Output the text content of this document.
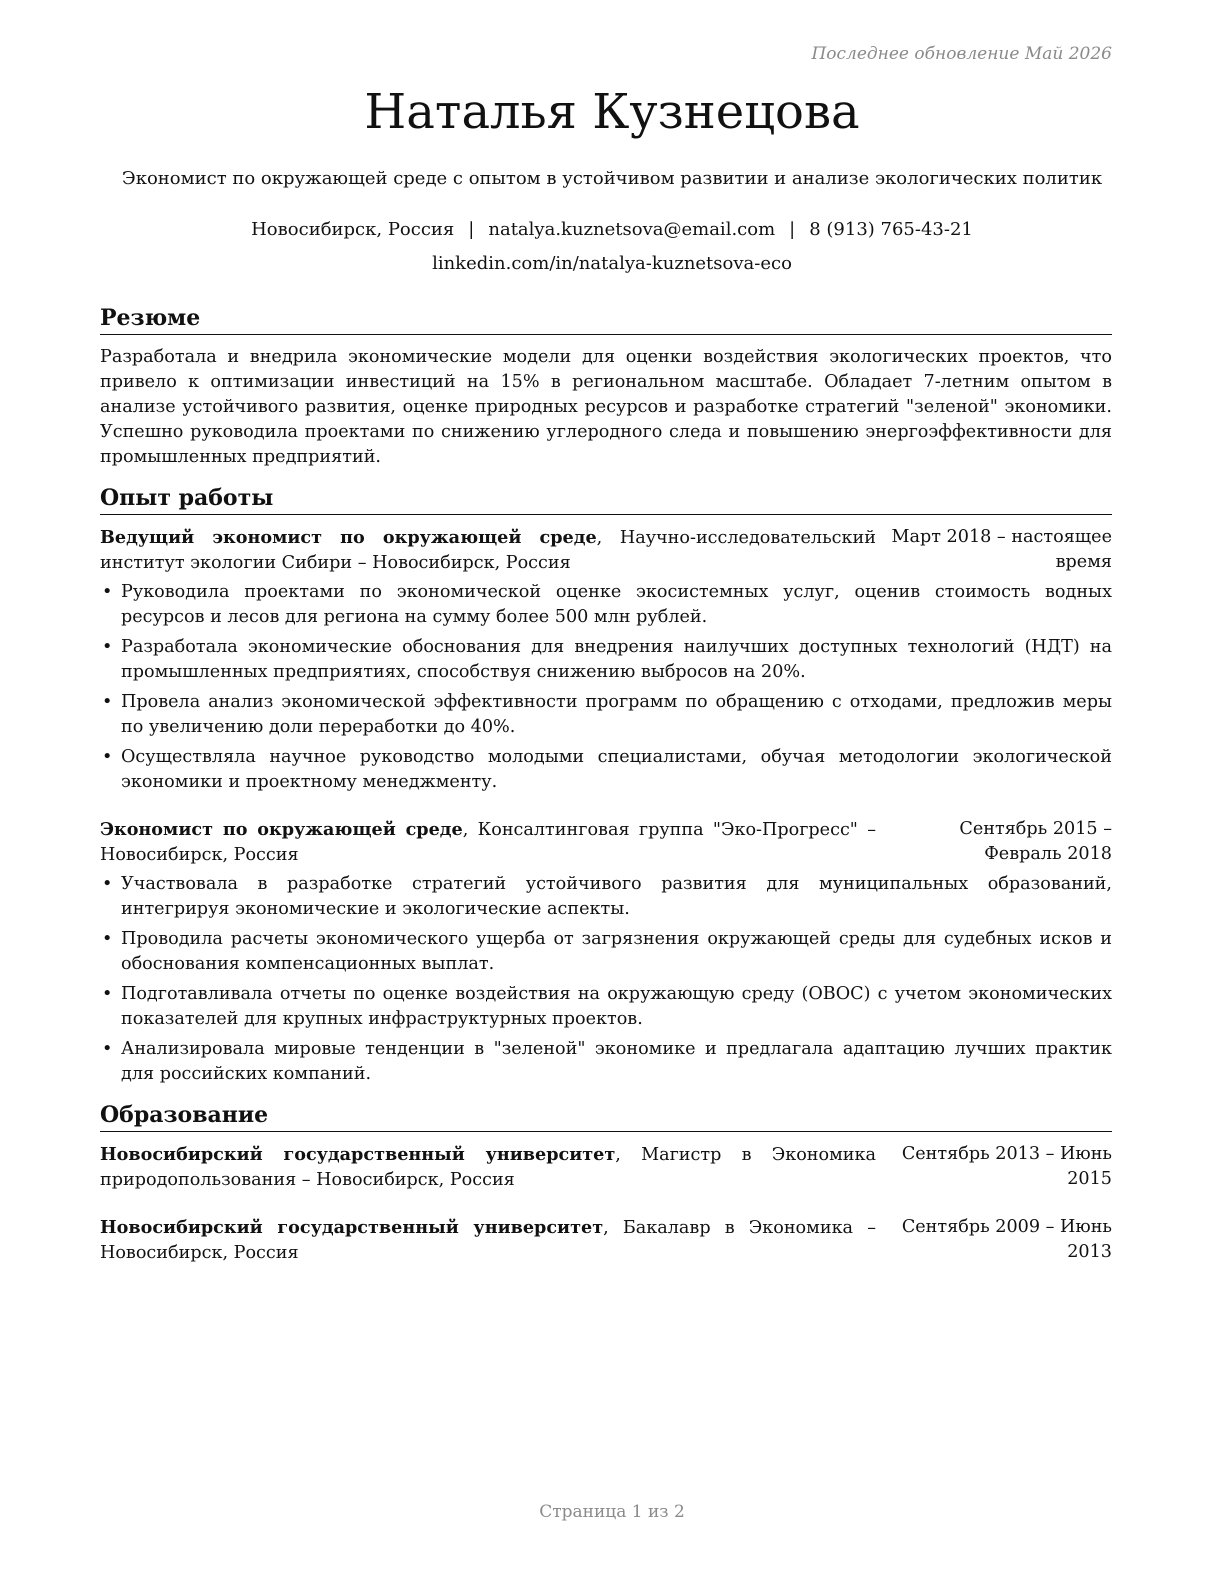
Последнее обновление Май 2026
Наталья Кузнецова
Экономист по окружающей среде с опытом в устойчивом развитии и анализе экологических политик
Новосибирск, Россия | natalya.kuznetsova@email.com | 8 (913) 765-43-21
linkedin.com/in/natalya-kuznetsova-eco
Резюме

Разработала и внедрила экономические модели для оценки воздействия экологических проектов, что привело к оптимизации инвестиций на 15% в региональном масштабе. Обладает 7-летним опытом в анализе устойчивого развития, оценке природных ресурсов и разработке стратегий "зеленой" экономики. Успешно руководила проектами по снижению углеродного следа и повышению энергоэффективности для промышленных предприятий.

Опыт работы
Ведущий экономист по окружающей среде, Научно-исследовательский институт экологии Сибири – Новосибирск, Россия
Март 2018 – настоящее время
• Руководила проектами по экономической оценке экосистемных услуг, оценив стоимость водных ресурсов и лесов для региона на сумму более 500 млн рублей.
• Разработала экономические обоснования для внедрения наилучших доступных технологий (НДТ) на промышленных предприятиях, способствуя снижению выбросов на 20%.
• Провела анализ экономической эффективности программ по обращению с отходами, предложив меры по увеличению доли переработки до 40%.
• Осуществляла научное руководство молодыми специалистами, обучая методологии экологической экономики и проектному менеджменту.
Экономист по окружающей среде, Консалтинговая группа "Эко-Прогресс" – Новосибирск, Россия
Сентябрь 2015 – Февраль 2018
• Участвовала в разработке стратегий устойчивого развития для муниципальных образований, интегрируя экономические и экологические аспекты.
• Проводила расчеты экономического ущерба от загрязнения окружающей среды для судебных исков и обоснования компенсационных выплат.
• Подготавливала отчеты по оценке воздействия на окружающую среду (ОВОС) с учетом экономических показателей для крупных инфраструктурных проектов.
• Анализировала мировые тенденции в "зеленой" экономике и предлагала адаптацию лучших практик для российских компаний.
Образование
Новосибирский государственный университет, Магистр в Экономика природопользования – Новосибирск, Россия
Сентябрь 2013 – Июнь 2015
Новосибирский государственный университет, Бакалавр в Экономика – Новосибирск, Россия
Сентябрь 2009 – Июнь 2013
Страница 1 из 2
